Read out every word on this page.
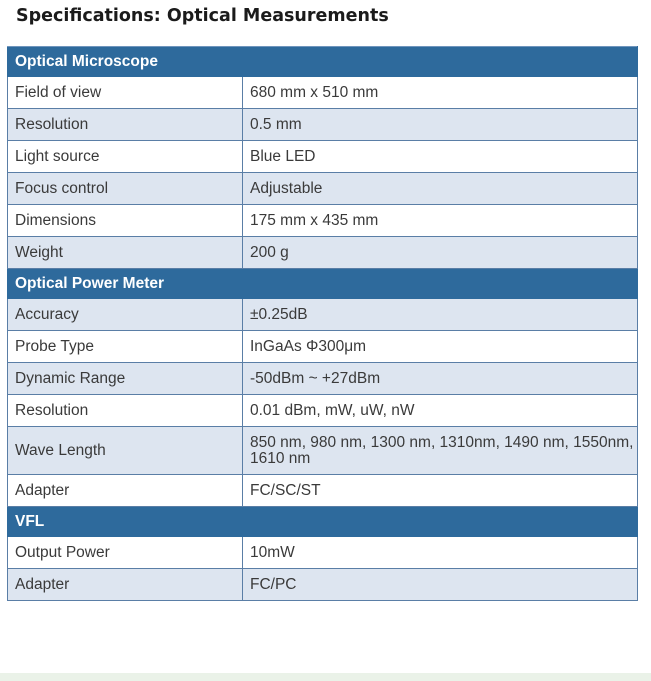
Specifications: Optical Measurements
Optical Microscope	
Field of view	680 mm x 510 mm
Resolution	0.5 mm
Light source	Blue LED
Focus control	Adjustable
Dimensions	175 mm x 435 mm
Weight	200 g
Optical Power Meter	
Accuracy	±0.25dB
Probe Type	InGaAs Φ300μm
Dynamic Range	-50dBm ~ +27dBm
Resolution	0.01 dBm, mW, uW, nW
Wave Length	850 nm, 980 nm, 1300 nm, 1310nm, 1490 nm, 1550nm, 1610 nm
Adapter	FC/SC/ST
VFL	
Output Power	10mW
Adapter	FC/PC
